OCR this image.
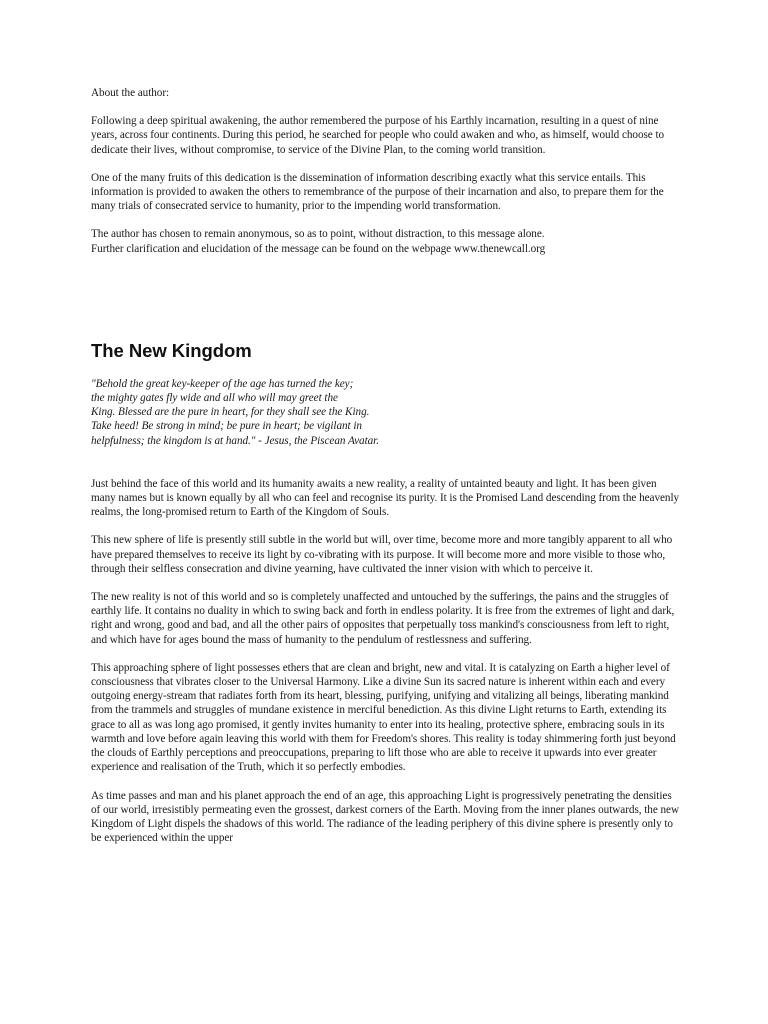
About the author:

Following a deep spiritual awakening, the author remembered the purpose of his Earthly incarnation, resulting in a quest of nine years, across four continents. During this period, he searched for people who could awaken and who, as himself, would choose to dedicate their lives, without compromise, to service of the Divine Plan, to the coming world transition.

One of the many fruits of this dedication is the dissemination of information describing exactly what this service entails. This information is provided to awaken the others to remembrance of the purpose of their incarnation and also, to prepare them for the many trials of consecrated service to humanity, prior to the impending world transformation.

The author has chosen to remain anonymous, so as to point, without distraction, to this message alone.
Further clarification and elucidation of the message can be found on the webpage www.thenewcall.org
The New Kingdom
"Behold the great key-keeper of the age has turned the key;
the mighty gates fly wide and all who will may greet the
King. Blessed are the pure in heart, for they shall see the King.
Take heed! Be strong in mind; be pure in heart; be vigilant in
helpfulness; the kingdom is at hand." - Jesus, the Piscean Avatar.

Just behind the face of this world and its humanity awaits a new reality, a reality of untainted beauty and light. It has been given many names but is known equally by all who can feel and recognise its purity. It is the Promised Land descending from the heavenly realms, the long-promised return to Earth of the Kingdom of Souls.

This new sphere of life is presently still subtle in the world but will, over time, become more and more tangibly apparent to all who have prepared themselves to receive its light by co-vibrating with its purpose. It will become more and more visible to those who, through their selfless consecration and divine yearning, have cultivated the inner vision with which to perceive it.

The new reality is not of this world and so is completely unaffected and untouched by the sufferings, the pains and the struggles of earthly life. It contains no duality in which to swing back and forth in endless polarity. It is free from the extremes of light and dark, right and wrong, good and bad, and all the other pairs of opposites that perpetually toss mankind's consciousness from left to right, and which have for ages bound the mass of humanity to the pendulum of restlessness and suffering.

This approaching sphere of light possesses ethers that are clean and bright, new and vital. It is catalyzing on Earth a higher level of consciousness that vibrates closer to the Universal Harmony. Like a divine Sun its sacred nature is inherent within each and every outgoing energy-stream that radiates forth from its heart, blessing, purifying, unifying and vitalizing all beings, liberating mankind from the trammels and struggles of mundane existence in merciful benediction. As this divine Light returns to Earth, extending its grace to all as was long ago promised, it gently invites humanity to enter into its healing, protective sphere, embracing souls in its warmth and love before again leaving this world with them for Freedom's shores. This reality is today shimmering forth just beyond the clouds of Earthly perceptions and preoccupations, preparing to lift those who are able to receive it upwards into ever greater experience and realisation of the Truth, which it so perfectly embodies.

As time passes and man and his planet approach the end of an age, this approaching Light is progressively penetrating the densities of our world, irresistibly permeating even the grossest, darkest corners of the Earth. Moving from the inner planes outwards, the new Kingdom of Light dispels the shadows of this world. The radiance of the leading periphery of this divine sphere is presently only to be experienced within the upper
